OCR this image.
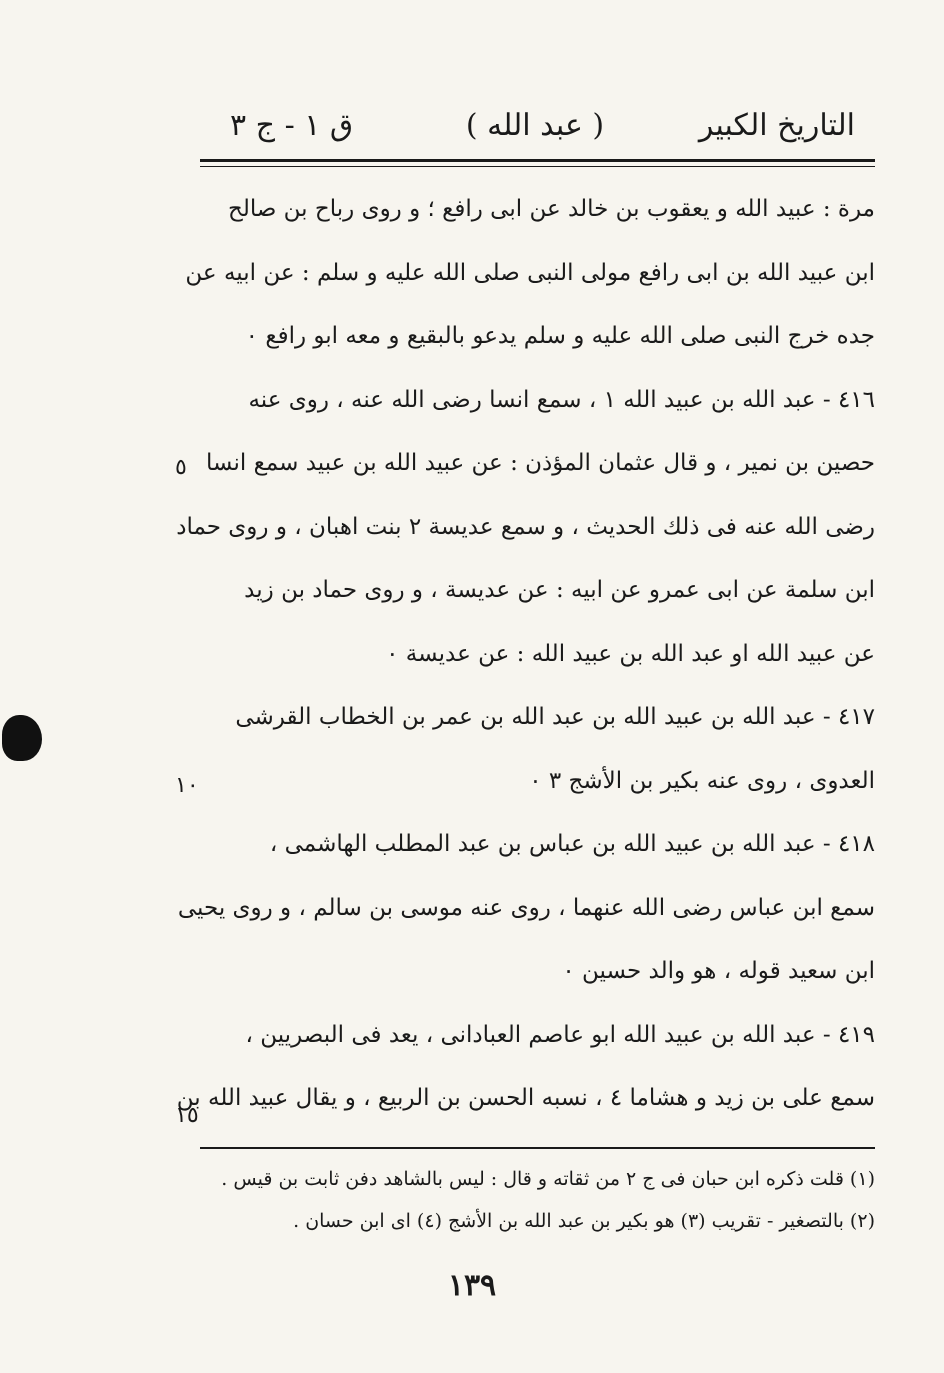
التاريخ الكبير
( عبد الله )
ق ١ - ج ٣
مرة : عبيد الله و يعقوب بن خالد عن ابى رافع ؛ و روى رباح بن صالح
ابن عبيد الله بن ابى رافع مولى النبى صلى الله عليه و سلم : عن ابيه عن
جده خرج النبى صلى الله عليه و سلم يدعو بالبقيع و معه ابو رافع ٠
٤١٦ - عبد الله بن عبيد الله ١ ، سمع انسا رضى الله عنه ، روى عنه
حصين بن نمير ، و قال عثمان المؤذن : عن عبيد الله بن عبيد سمع انسا
رضى الله عنه فى ذلك الحديث ، و سمع عديسة ٢ بنت اهبان ، و روى حماد
ابن سلمة عن ابى عمرو عن ابيه : عن عديسة ، و روى حماد بن زيد
عن عبيد الله او عبد الله بن عبيد الله : عن عديسة ٠
٤١٧ - عبد الله بن عبيد الله بن عبد الله بن عمر بن الخطاب القرشى
العدوى ، روى عنه بكير بن الأشج ٣ ٠
٤١٨ - عبد الله بن عبيد الله بن عباس بن عبد المطلب الهاشمى ،
سمع ابن عباس رضى الله عنهما ، روى عنه موسى بن سالم ، و روى يحيى
ابن سعيد قوله ، هو والد حسين ٠
٤١٩ - عبد الله بن عبيد الله ابو عاصم العبادانى ، يعد فى البصريين ،
سمع على بن زيد و هشاما ٤ ، نسبه الحسن بن الربيع ، و يقال عبيد الله بن
٥
١٠
١٥
(١) قلت ذكره ابن حبان فى ج ٢ من ثقاته و قال : ليس بالشاهد دفن ثابت بن قيس .
(٢) بالتصغير - تقريب (٣) هو بكير بن عبد الله بن الأشج (٤) اى ابن حسان .
١٣٩
